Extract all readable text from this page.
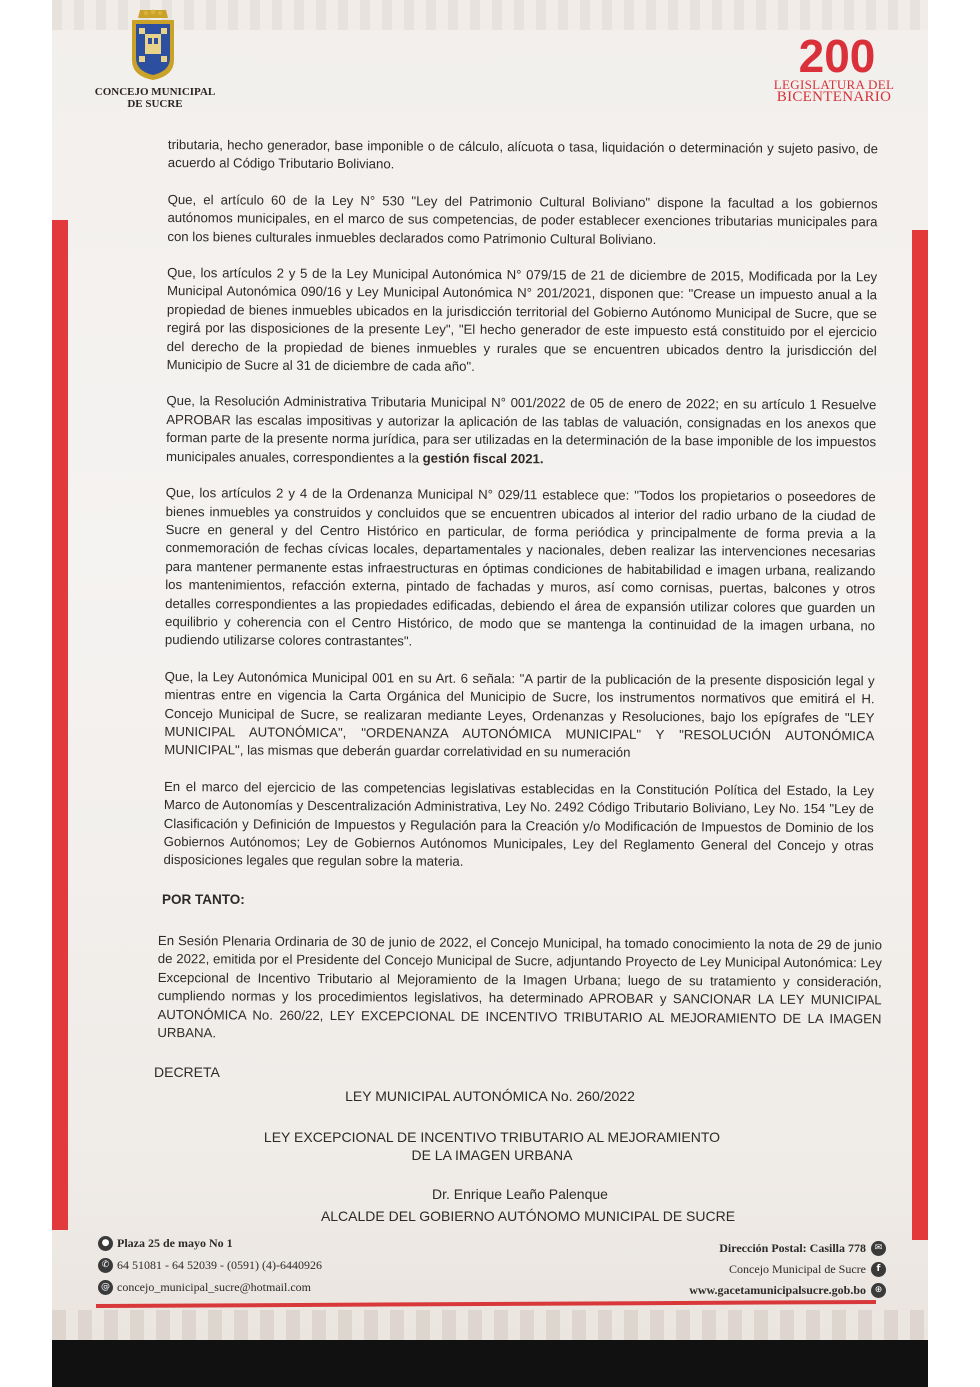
CONCEJO MUNICIPAL
DE SUCRE
200
LEGISLATURA DEL
BICENTENARIO

tributaria, hecho generador, base imponible o de cálculo, alícuota o tasa, liquidación o determinación y sujeto pasivo, de acuerdo al Código Tributario Boliviano.

Que, el artículo 60 de la Ley N° 530 "Ley del Patrimonio Cultural Boliviano" dispone la facultad a los gobiernos autónomos municipales, en el marco de sus competencias, de poder establecer exenciones tributarias municipales para con los bienes culturales inmuebles declarados como Patrimonio Cultural Boliviano.

Que, los artículos 2 y 5 de la Ley Municipal Autonómica N° 079/15 de 21 de diciembre de 2015, Modificada por la Ley Municipal Autonómica 090/16 y Ley Municipal Autonómica N° 201/2021, disponen que: "Crease un impuesto anual a la propiedad de bienes inmuebles ubicados en la jurisdicción territorial del Gobierno Autónomo Municipal de Sucre, que se regirá por las disposiciones de la presente Ley", "El hecho generador de este impuesto está constituido por el ejercicio del derecho de la propiedad de bienes inmuebles y rurales que se encuentren ubicados dentro la jurisdicción del Municipio de Sucre al 31 de diciembre de cada año".

Que, la Resolución Administrativa Tributaria Municipal N° 001/2022 de 05 de enero de 2022; en su artículo 1 Resuelve APROBAR las escalas impositivas y autorizar la aplicación de las tablas de valuación, consignadas en los anexos que forman parte de la presente norma jurídica, para ser utilizadas en la determinación de la base imponible de los impuestos municipales anuales, correspondientes a la gestión fiscal 2021.

Que, los artículos 2 y 4 de la Ordenanza Municipal N° 029/11 establece que: "Todos los propietarios o poseedores de bienes inmuebles ya construidos y concluidos que se encuentren ubicados al interior del radio urbano de la ciudad de Sucre en general y del Centro Histórico en particular, de forma periódica y principalmente de forma previa a la conmemoración de fechas cívicas locales, departamentales y nacionales, deben realizar las intervenciones necesarias para mantener permanente estas infraestructuras en óptimas condiciones de habitabilidad e imagen urbana, realizando los mantenimientos, refacción externa, pintado de fachadas y muros, así como cornisas, puertas, balcones y otros detalles correspondientes a las propiedades edificadas, debiendo el área de expansión utilizar colores que guarden un equilibrio y coherencia con el Centro Histórico, de modo que se mantenga la continuidad de la imagen urbana, no pudiendo utilizarse colores contrastantes".

Que, la Ley Autonómica Municipal 001 en su Art. 6 señala: "A partir de la publicación de la presente disposición legal y mientras entre en vigencia la Carta Orgánica del Municipio de Sucre, los instrumentos normativos que emitirá el H. Concejo Municipal de Sucre, se realizaran mediante Leyes, Ordenanzas y Resoluciones, bajo los epígrafes de "LEY MUNICIPAL AUTONÓMICA", "ORDENANZA AUTONÓMICA MUNICIPAL" Y "RESOLUCIÓN AUTONÓMICA MUNICIPAL", las mismas que deberán guardar correlatividad en su numeración

En el marco del ejercicio de las competencias legislativas establecidas en la Constitución Política del Estado, la Ley Marco de Autonomías y Descentralización Administrativa, Ley No. 2492 Código Tributario Boliviano, Ley No. 154 "Ley de Clasificación y Definición de Impuestos y Regulación para la Creación y/o Modificación de Impuestos de Dominio de los Gobiernos Autónomos; Ley de Gobiernos Autónomos Municipales, Ley del Reglamento General del Concejo y otras disposiciones legales que regulan sobre la materia.

POR TANTO:

En Sesión Plenaria Ordinaria de 30 de junio de 2022, el Concejo Municipal, ha tomado conocimiento la nota de 29 de junio de 2022, emitida por el Presidente del Concejo Municipal de Sucre, adjuntando Proyecto de Ley Municipal Autonómica: Ley Excepcional de Incentivo Tributario al Mejoramiento de la Imagen Urbana; luego de su tratamiento y consideración, cumpliendo normas y los procedimientos legislativos, ha determinado APROBAR y SANCIONAR LA LEY MUNICIPAL AUTONÓMICA No. 260/22, LEY EXCEPCIONAL DE INCENTIVO TRIBUTARIO AL MEJORAMIENTO DE LA IMAGEN URBANA.

DECRETA
LEY MUNICIPAL AUTONÓMICA No. 260/2022
LEY EXCEPCIONAL DE INCENTIVO TRIBUTARIO AL MEJORAMIENTO
DE LA IMAGEN URBANA
Dr. Enrique Leaño Palenque
ALCALDE DEL GOBIERNO AUTÓNOMO MUNICIPAL DE SUCRE
● Plaza 25 de mayo No 1
✆ 64 51081 - 64 52039 - (0591) (4)-6440926
@ concejo_municipal_sucre@hotmail.com
Dirección Postal: Casilla 778 ✉
Concejo Municipal de Sucre	f
www.gacetamunicipalsucre.gob.bo ⊕
